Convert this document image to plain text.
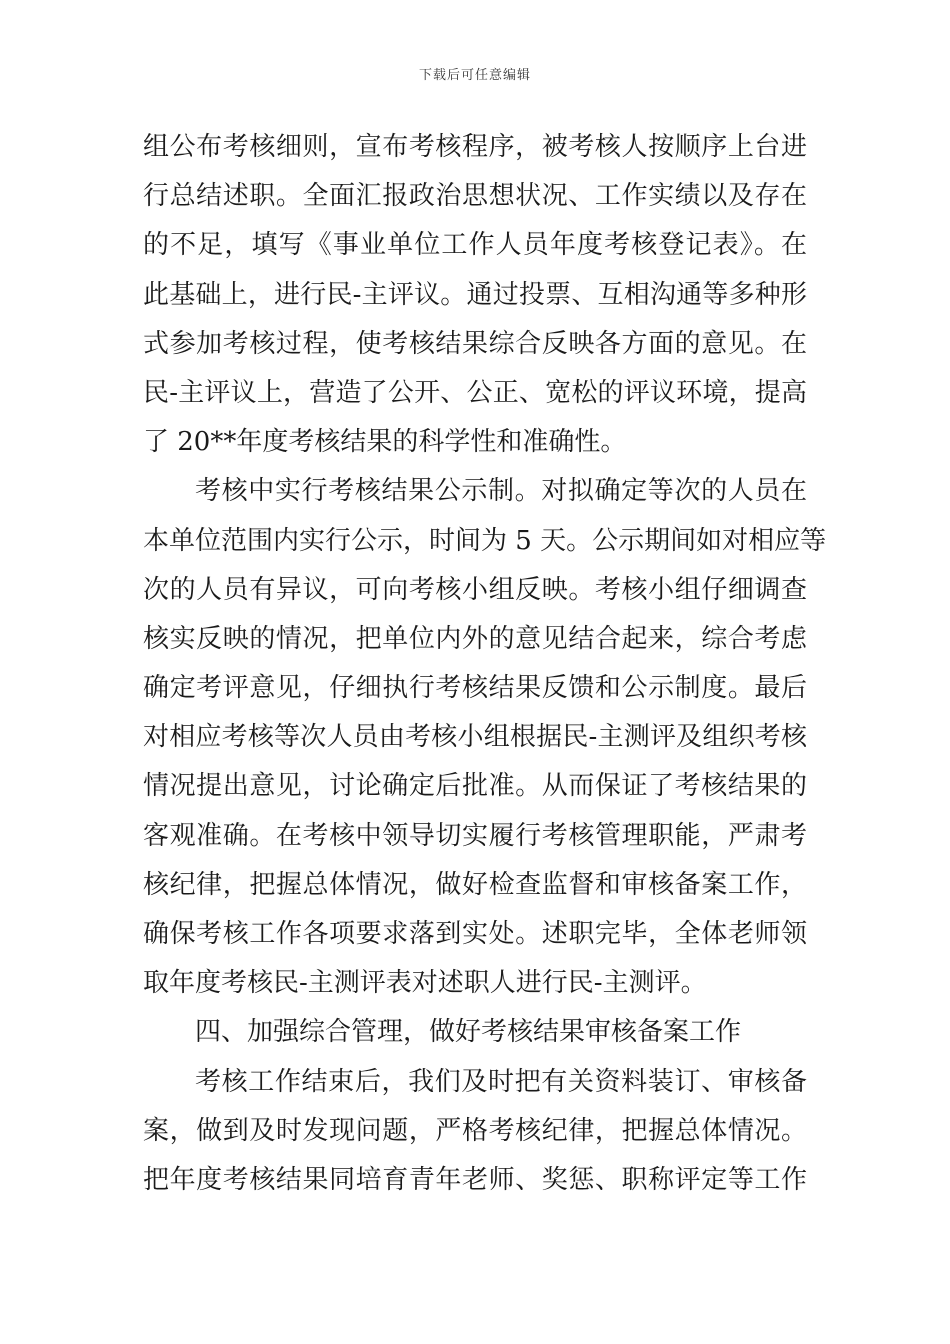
下载后可任意编辑
组公布考核细则，宣布考核程序，被考核人按顺序上台进
行总结述职。全面汇报政治思想状况、工作实绩以及存在
的不足，填写《事业单位工作人员年度考核登记表》。在
此基础上，进行民-主评议。通过投票、互相沟通等多种形
式参加考核过程，使考核结果综合反映各方面的意见。在
民-主评议上，营造了公开、公正、宽松的评议环境，提高
了 20**年度考核结果的科学性和准确性。
考核中实行考核结果公示制。对拟确定等次的人员在
本单位范围内实行公示，时间为 5 天。公示期间如对相应等
次的人员有异议，可向考核小组反映。考核小组仔细调查
核实反映的情况，把单位内外的意见结合起来，综合考虑
确定考评意见，仔细执行考核结果反馈和公示制度。最后
对相应考核等次人员由考核小组根据民-主测评及组织考核
情况提出意见，讨论确定后批准。从而保证了考核结果的
客观准确。在考核中领导切实履行考核管理职能，严肃考
核纪律，把握总体情况，做好检查监督和审核备案工作，
确保考核工作各项要求落到实处。述职完毕，全体老师领
取年度考核民-主测评表对述职人进行民-主测评。
四、加强综合管理，做好考核结果审核备案工作
考核工作结束后，我们及时把有关资料装订、审核备
案，做到及时发现问题，严格考核纪律，把握总体情况。
把年度考核结果同培育青年老师、奖惩、职称评定等工作
